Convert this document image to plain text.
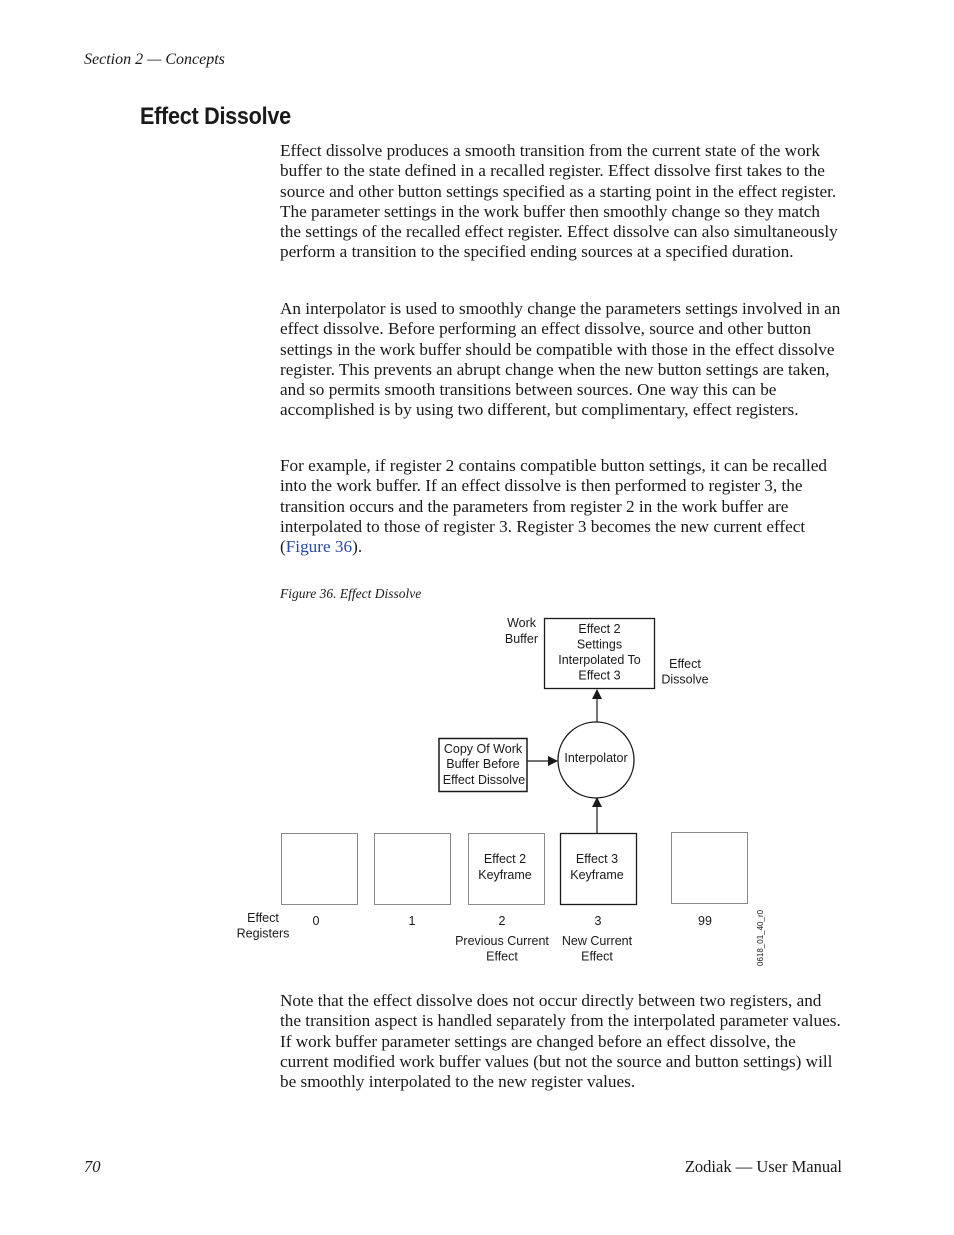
Section 2 — Concepts
Effect Dissolve

Effect dissolve produces a smooth transition from the current state of the work buffer to the state defined in a recalled register. Effect dissolve first takes to the source and other button settings specified as a starting point in the effect register. The parameter settings in the work buffer then smoothly change so they match the settings of the recalled effect register. Effect dissolve can also simultaneously perform a transition to the specified ending sources at a specified duration.

An interpolator is used to smoothly change the parameters settings involved in an effect dissolve. Before performing an effect dissolve, source and other button settings in the work buffer should be compatible with those in the effect dissolve register. This prevents an abrupt change when the new button settings are taken, and so permits smooth transitions between sources. One way this can be accomplished is by using two different, but complimentary, effect registers.

For example, if register 2 contains compatible button settings, it can be recalled into the work buffer. If an effect dissolve is then performed to register 3, the transition occurs and the parameters from register 2 in the work buffer are interpolated to those of register 3. Register 3 becomes the new current effect (Figure 36).

Figure 36. Effect Dissolve
Work
Buffer
Effect 2
Settings
Interpolated To
Effect 3
Effect
Dissolve
Copy Of Work
Buffer Before
Effect Dissolve
Interpolator
Effect
Registers
Effect 2
Keyframe
Effect 3
Keyframe
0	1	2	3	99
Previous Current
Effect
New Current
Effect	0618_01_40_r0

Note that the effect dissolve does not occur directly between two registers, and the transition aspect is handled separately from the interpolated parameter values. If work buffer parameter settings are changed before an effect dissolve, the current modified work buffer values (but not the source and button settings) will be smoothly interpolated to the new register values.

70	Zodiak — User Manual
